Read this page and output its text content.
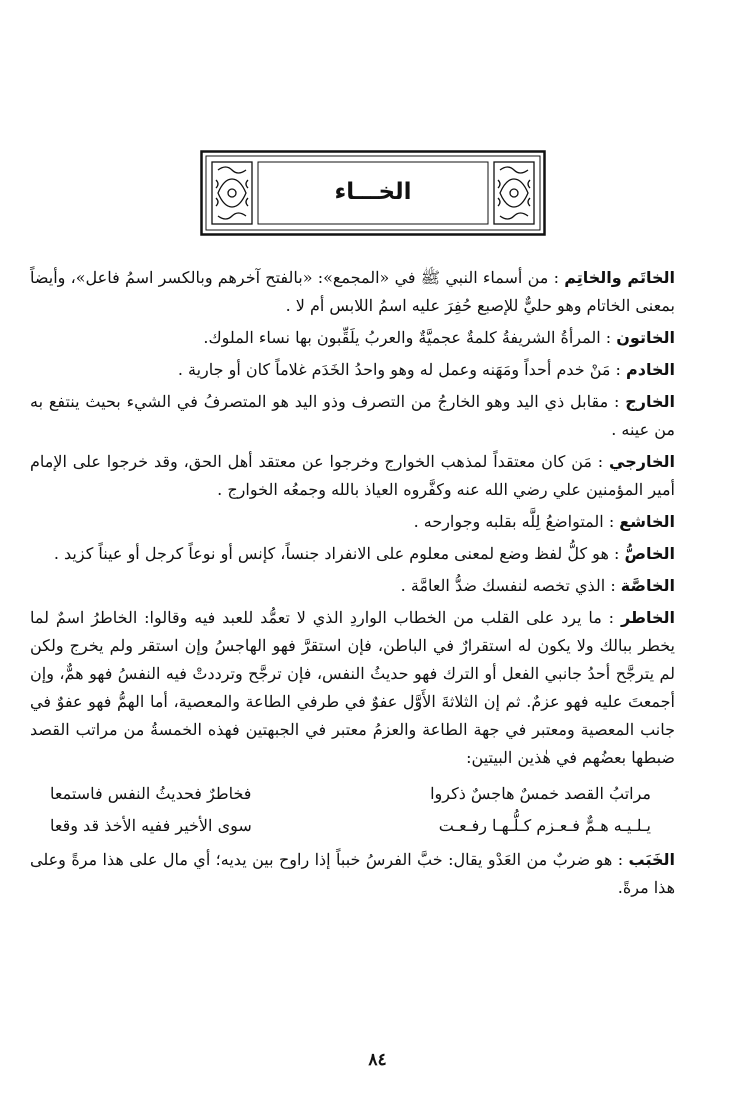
الخـــاء

الخاتَم والخاتِم : من أسماء النبي ﷺ في «المجمع»: «بالفتح آخرهم وبالكسر اسمُ فاعل»، وأيضاً بمعنى الخاتام وهو حليٌّ للإصبع حُفِرَ عليه اسمُ اللابس أم لا .

الخاتون : المرأةُ الشريفةُ كلمةٌ عجميَّةٌ والعربُ يلَقِّبون بها نساء الملوك.

الخادم : مَنْ خدم أحداً ومَهَنه وعمل له وهو واحدُ الخَدَم غلاماً كان أو جارية .

الخارج : مقابل ذي اليد وهو الخارجُ من التصرف وذو اليد هو المتصرفُ في الشيء بحيث ينتفع به من عينه .

الخارجي : مَن كان معتقداً لمذهب الخوارج وخرجوا عن معتقد أهل الحق، وقد خرجوا على الإمام أمير المؤمنين علي رضي الله عنه وكفَّروه العياذ بالله وجمعُه الخوارج .

الخاشع : المتواضعُ لِلَّه بقلبه وجوارحه .

الخاصُّ : هو كلُّ لفظ وضع لمعنى معلوم على الانفراد جنساً، كإنس أو نوعاً كرجل أو عيناً كزيد .

الخاصَّة : الذي تخصه لنفسك ضدُّ العامَّة .

الخاطر : ما يرد على القلب من الخطاب الواردِ الذي لا تعمُّد للعبد فيه وقالوا: الخاطرُ اسمٌ لما يخطر ببالك ولا يكون له استقرارٌ في الباطن، فإن استقرَّ فهو الهاجسُ وإن استقر ولم يخرج ولكن لم يترجَّح أحدُ جانبي الفعل أو الترك فهو حديثُ النفس، فإن ترجَّح وترددتْ فيه النفسُ فهو همٌّ، وإن أجمعتَ عليه فهو عزمٌ. ثم إن الثلاثةَ الأَوَّل عفوٌ في طرفي الطاعة والمعصية، أما الهمُّ فهو عفوٌ في جانب المعصية ومعتبر في جهة الطاعة والعزمُ معتبر في الجبهتين فهذه الخمسةُ من مراتب القصد ضبطها بعضُهم في هٰذين البيتين:

مراتبُ القصد خمسٌ هاجسٌ ذكروا
فخاطرٌ فحديثُ النفس فاستمعا
يـلـيـه هـمٌّ فـعـزم كـلُّـهـا رفـعـت
سوى الأخير ففيه الأخذ قد وقعا

الخَبَب : هو ضربٌ من العَدْو يقال: خبَّ الفرسُ خبباً إذا راوح بين يديه؛ أي مال على هذا مرةً وعلى هذا مرةً.

٨٤
